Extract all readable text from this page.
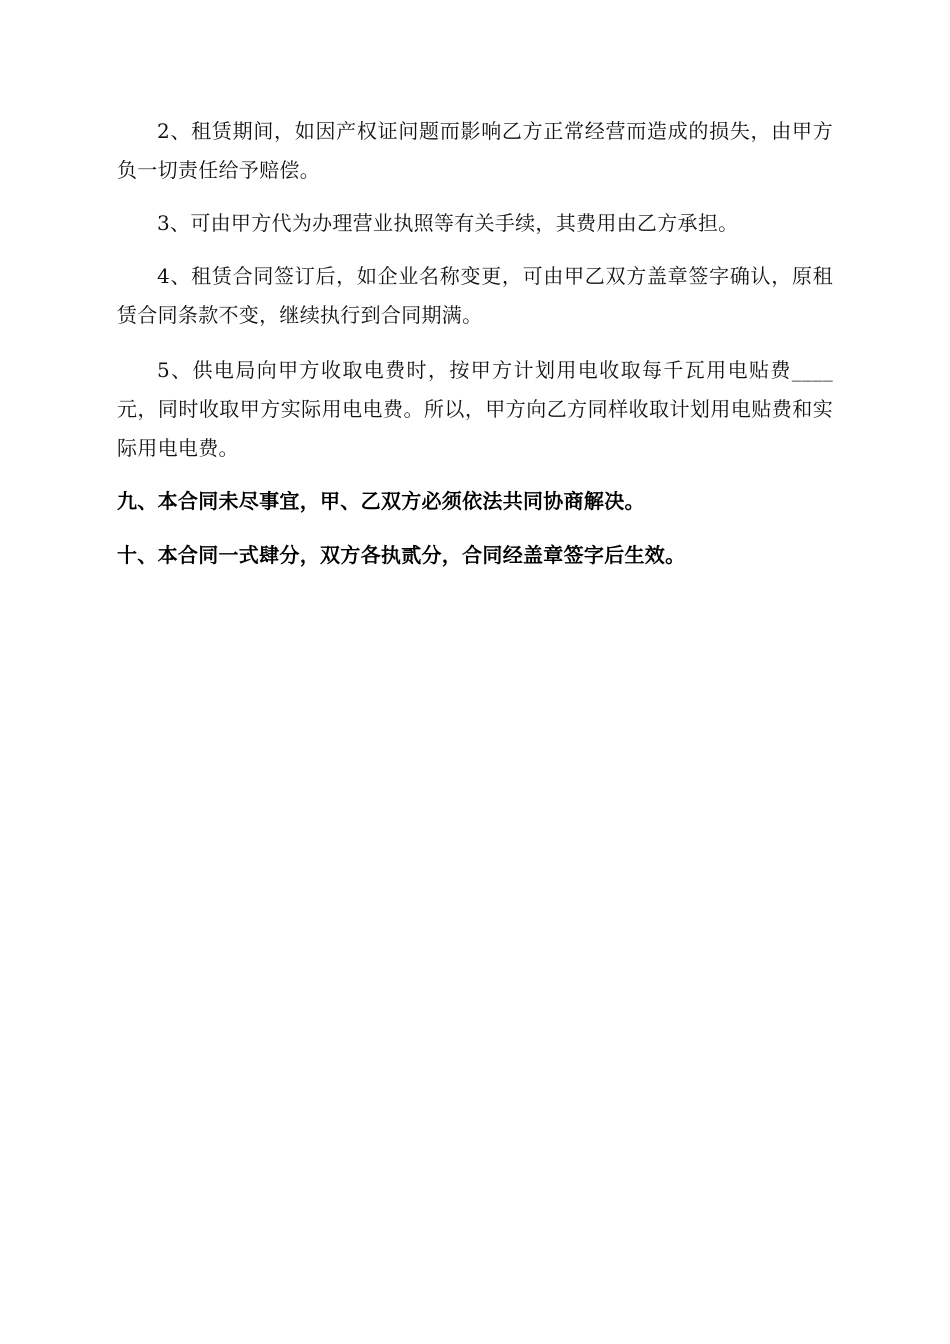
2、租赁期间，如因产权证问题而影响乙方正常经营而造成的损失，由甲方负一切责任给予赔偿。

3、可由甲方代为办理营业执照等有关手续，其费用由乙方承担。

4、租赁合同签订后，如企业名称变更，可由甲乙双方盖章签字确认，原租赁合同条款不变，继续执行到合同期满。

5、供电局向甲方收取电费时，按甲方计划用电收取每千瓦用电贴费____元，同时收取甲方实际用电电费。所以，甲方向乙方同样收取计划用电贴费和实际用电电费。

九、本合同未尽事宜，甲、乙双方必须依法共同协商解决。

十、本合同一式肆分，双方各执贰分，合同经盖章签字后生效。
